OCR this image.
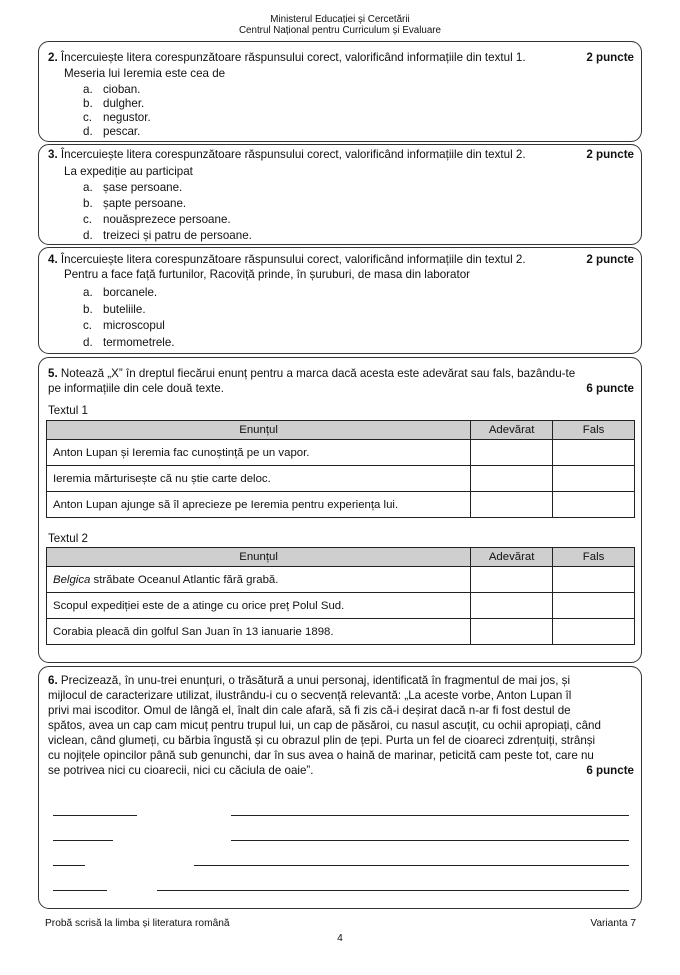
Ministerul Educației și Cercetării
Centrul Național pentru Curriculum și Evaluare
2. Încercuiește litera corespunzătoare răspunsului corect, valorificând informațiile din textul 1.	2 puncte
Meseria lui Ieremia este cea de
a. cioban.
b. dulgher.
c. negustor.
d. pescar.
3. Încercuiește litera corespunzătoare răspunsului corect, valorificând informațiile din textul 2.	2 puncte
La expediție au participat
a. șase persoane.
b. șapte persoane.
c. nouăsprezece persoane.
d. treizeci și patru de persoane.
4. Încercuiește litera corespunzătoare răspunsului corect, valorificând informațiile din textul 2.	2 puncte
Pentru a face față furtunilor, Racoviță prinde, în șuruburi, de masa din laborator
a. borcanele.
b. buteliile.
c. microscopul
d. termometrele.
5. Notează „X” în dreptul fiecărui enunț pentru a marca dacă acesta este adevărat sau fals, bazându-te
pe informațiile din cele două texte.	6 puncte
Textul 1
Enunțul	Adevărat	Fals
Anton Lupan și Ieremia fac cunoștință pe un vapor.		
Ieremia mărturisește că nu știe carte deloc.		
Anton Lupan ajunge să îl aprecieze pe Ieremia pentru experiența lui.		
Textul 2
Enunțul	Adevărat	Fals
Belgica străbate Oceanul Atlantic fără grabă.		
Scopul expediției este de a atinge cu orice preț Polul Sud.		
Corabia pleacă din golful San Juan în 13 ianuarie 1898.		
6. Precizează, în unu-trei enunțuri, o trăsătură a unui personaj, identificată în fragmentul de mai jos, și
mijlocul de caracterizare utilizat, ilustrându-i cu o secvență relevantă: „La aceste vorbe, Anton Lupan îl
privi mai iscoditor. Omul de lângă el, înalt din cale afară, să fi zis că-i deșirat dacă n-ar fi fost destul de
spătos, avea un cap cam micuț pentru trupul lui, un cap de păsăroi, cu nasul ascuțit, cu ochii apropiați, când
viclean, când glumeți, cu bărbia îngustă și cu obrazul plin de țepi. Purta un fel de cioareci zdrențuiți, strânși
cu nojițele opincilor până sub genunchi, dar în sus avea o haină de marinar, peticită cam peste tot, care nu
se potrivea nici cu cioarecii, nici cu căciula de oaie”.	6 puncte
Probă scrisă la limba și literatura română
4
Varianta 7
